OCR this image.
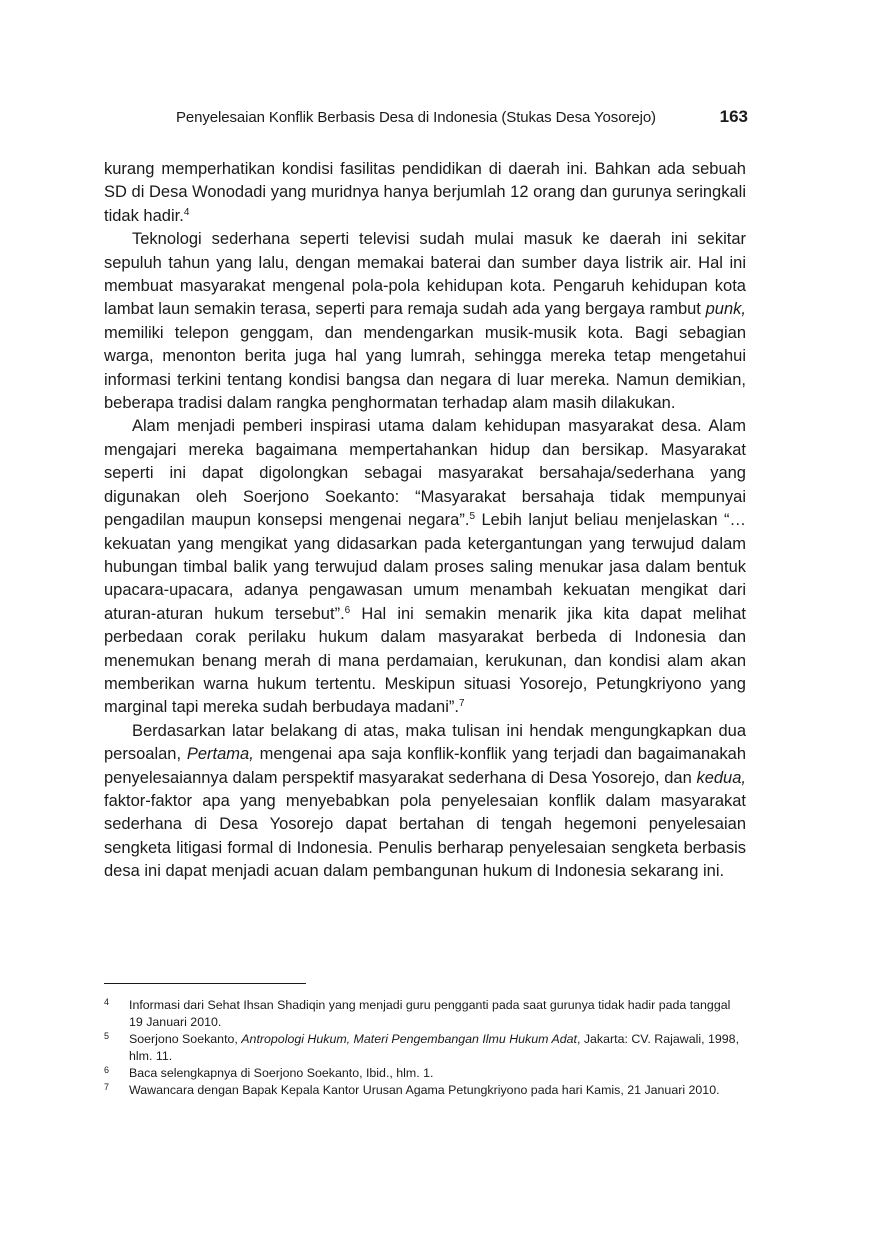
Penyelesaian Konflik Berbasis Desa di Indonesia (Stukas Desa Yosorejo)	163

kurang memperhatikan kondisi fasilitas pendidikan di daerah ini. Bahkan ada sebuah SD di Desa Wonodadi yang muridnya hanya berjumlah 12 orang dan gurunya seringkali tidak hadir.$^4$

Teknologi sederhana seperti televisi sudah mulai masuk ke daerah ini sekitar sepuluh tahun yang lalu, dengan memakai baterai dan sumber daya listrik air. Hal ini membuat masyarakat mengenal pola-pola kehidupan kota. Pengaruh kehidupan kota lambat laun semakin terasa, seperti para remaja sudah ada yang bergaya rambut punk, memiliki telepon genggam, dan mendengarkan musik-musik kota. Bagi sebagian warga, menonton berita juga hal yang lumrah, sehingga mereka tetap mengetahui informasi terkini tentang kondisi bangsa dan negara di luar mereka. Namun demikian, beberapa tradisi dalam rangka penghormatan terhadap alam masih dilakukan.

Alam menjadi pemberi inspirasi utama dalam kehidupan masyarakat desa. Alam mengajari mereka bagaimana mempertahankan hidup dan bersikap. Masyarakat seperti ini dapat digolongkan sebagai masyarakat bersahaja/sederhana yang digunakan oleh Soerjono Soekanto: “Masyarakat bersahaja tidak mempunyai pengadilan maupun konsepsi mengenai negara”.$^5$ Lebih lanjut beliau menjelaskan “…kekuatan yang mengikat yang didasarkan pada ketergantungan yang terwujud dalam hubungan timbal balik yang terwujud dalam proses saling menukar jasa dalam bentuk upacara-upacara, adanya pengawasan umum menambah kekuatan mengikat dari aturan-aturan hukum tersebut”.$^6$ Hal ini semakin menarik jika kita dapat melihat perbedaan corak perilaku hukum dalam masyarakat berbeda di Indonesia dan menemukan benang merah di mana perdamaian, kerukunan, dan kondisi alam akan memberikan warna hukum tertentu. Meskipun situasi Yosorejo, Petungkriyono yang marginal tapi mereka sudah berbudaya madani”.$^7$

Berdasarkan latar belakang di atas, maka tulisan ini hendak mengungkapkan dua persoalan, Pertama, mengenai apa saja konflik-konflik yang terjadi dan bagaimanakah penyelesaiannya dalam perspektif masyarakat sederhana di Desa Yosorejo, dan kedua, faktor-faktor apa yang menyebabkan pola penyelesaian konflik dalam masyarakat sederhana di Desa Yosorejo dapat bertahan di tengah hegemoni penyelesaian sengketa litigasi formal di Indonesia. Penulis berharap penyelesaian sengketa berbasis desa ini dapat menjadi acuan dalam pembangunan hukum di Indonesia sekarang ini.

4 Informasi dari Sehat Ihsan Shadiqin yang menjadi guru pengganti pada saat gurunya tidak hadir pada tanggal 19 Januari 2010.

5 Soerjono Soekanto, Antropologi Hukum, Materi Pengembangan Ilmu Hukum Adat, Jakarta: CV. Rajawali, 1998, hlm. 11.

6 Baca selengkapnya di Soerjono Soekanto, Ibid., hlm. 1.

7 Wawancara dengan Bapak Kepala Kantor Urusan Agama Petungkriyono pada hari Kamis, 21 Januari 2010.
